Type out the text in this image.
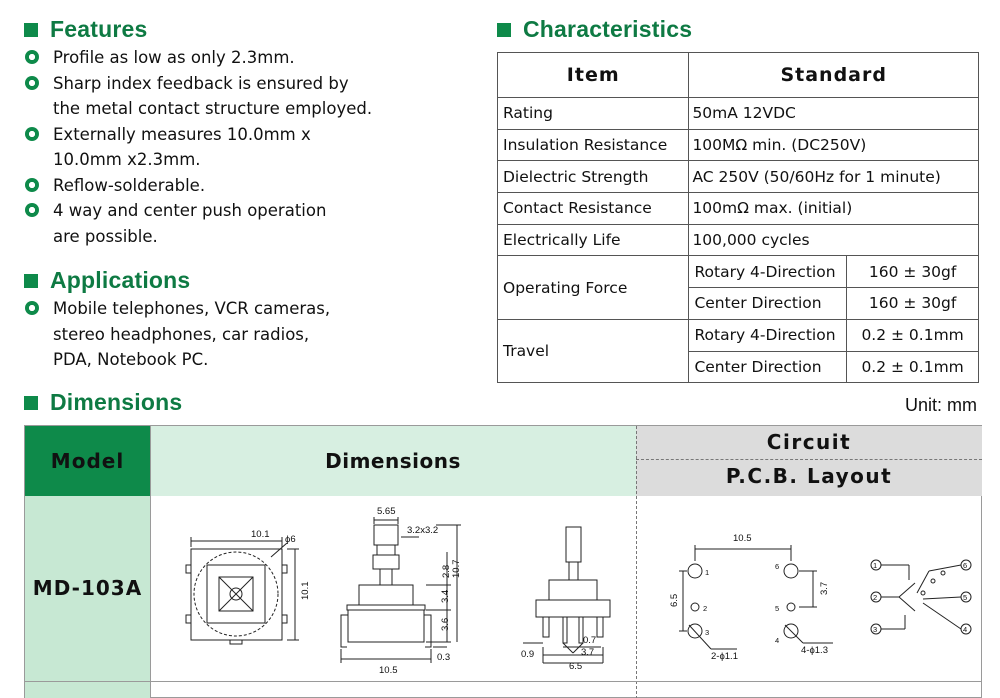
Features
Profile as low as only 2.3mm.
Sharp index feedback is ensured by
the metal contact structure employed.
Externally measures 10.0mm x
10.0mm x2.3mm.
Reflow-solderable.
4 way and center push operation
are possible.
Applications
Mobile telephones, VCR cameras,
stereo headphones, car radios,
PDA, Notebook PC.
Characteristics
Item	Standard	
Rating	50mA 12VDC	
Insulation Resistance	100MΩ min. (DC250V)	
Dielectric Strength	AC 250V (50/60Hz for 1 minute)	
Contact Resistance	100mΩ max. (initial)	
Electrically Life	100,000 cycles	
Operating Force	Rotary 4-Direction	160 ± 30gf
	Center Direction	160 ± 30gf
Travel	Rotary 4-Direction	0.2 ± 0.1mm
	Center Direction	0.2 ± 0.1mm
Dimensions	Unit: mm
Model	Dimensions
Circuit
P.C.B. Layout
MD-103A
10.1 ϕ6
10.1
5.65
3.2x3.2
2.8 10.7
3.4
3.6
10.5
0.3	0.9
0.7
3.7
6.5
10.5
6.5
3.7
2-ϕ1.1
4-ϕ1.3
1
2
3
4
5
6	1
2
3	4
5
6
